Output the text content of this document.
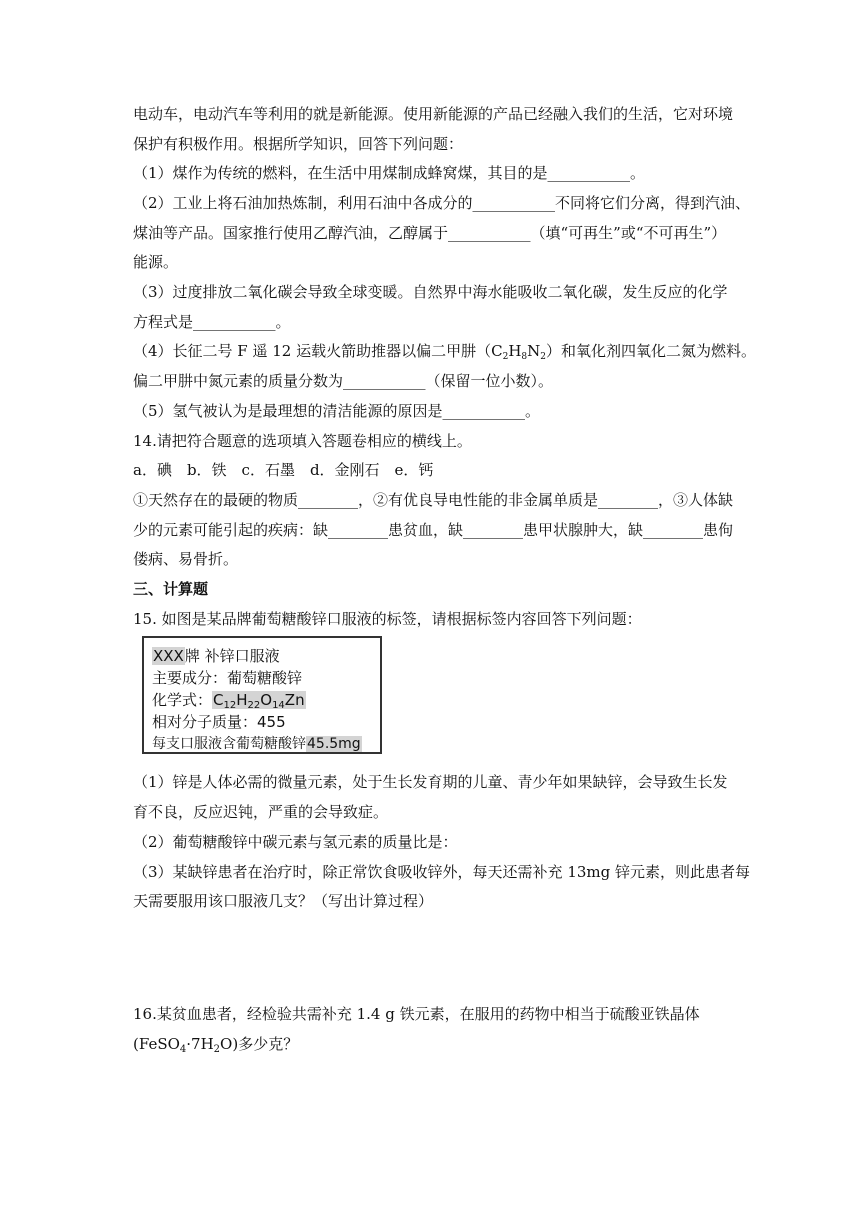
电动车，电动汽车等利用的就是新能源。使用新能源的产品已经融入我们的生活，它对环境
保护有积极作用。根据所学知识，回答下列问题：
（1）煤作为传统的燃料，在生活中用煤制成蜂窝煤，其目的是___________。
（2）工业上将石油加热炼制，利用石油中各成分的___________不同将它们分离，得到汽油、
煤油等产品。国家推行使用乙醇汽油，乙醇属于___________（填“可再生”或“不可再生”）
能源。
（3）过度排放二氧化碳会导致全球变暖。自然界中海水能吸收二氧化碳，发生反应的化学
方程式是___________。
（4）长征二号 F 遥 12 运载火箭助推器以偏二甲肼$(C_2H_8N_2)$和氧化剂四氧化二氮为燃料。
偏二甲肼中氮元素的质量分数为___________（保留一位小数）。
（5）氢气被认为是最理想的清洁能源的原因是___________。
14.请把符合题意的选项填入答题卷相应的横线上。
a．碘　b．铁　c．石墨　d．金刚石　e．钙
①天然存在的最硬的物质________，②有优良导电性能的非金属单质是________，③人体缺
少的元素可能引起的疾病：缺________患贫血，缺________患甲状腺肿大，缺________患佝
偻病、易骨折。
三、计算题
15. 如图是某品牌葡萄糖酸锌口服液的标签，请根据标签内容回答下列问题：
XXX牌 补锌口服液
主要成分：葡萄糖酸锌
化学式：$C_{12}H_{22}O_{14}Zn$
相对分子质量：455
每支口服液含葡萄糖酸锌45.5mg
（1）锌是人体必需的微量元素，处于生长发育期的儿童、青少年如果缺锌，会导致生长发
育不良，反应迟钝，严重的会导致症。
（2）葡萄糖酸锌中碳元素与氢元素的质量比是：
（3）某缺锌患者在治疗时，除正常饮食吸收锌外，每天还需补充 13mg 锌元素，则此患者每
天需要服用该口服液几支？（写出计算过程）
16.某贫血患者，经检验共需补充 1.4 g 铁元素，在服用的药物中相当于硫酸亚铁晶体
$(FeSO_4\cdot 7H_2O)$多少克？
